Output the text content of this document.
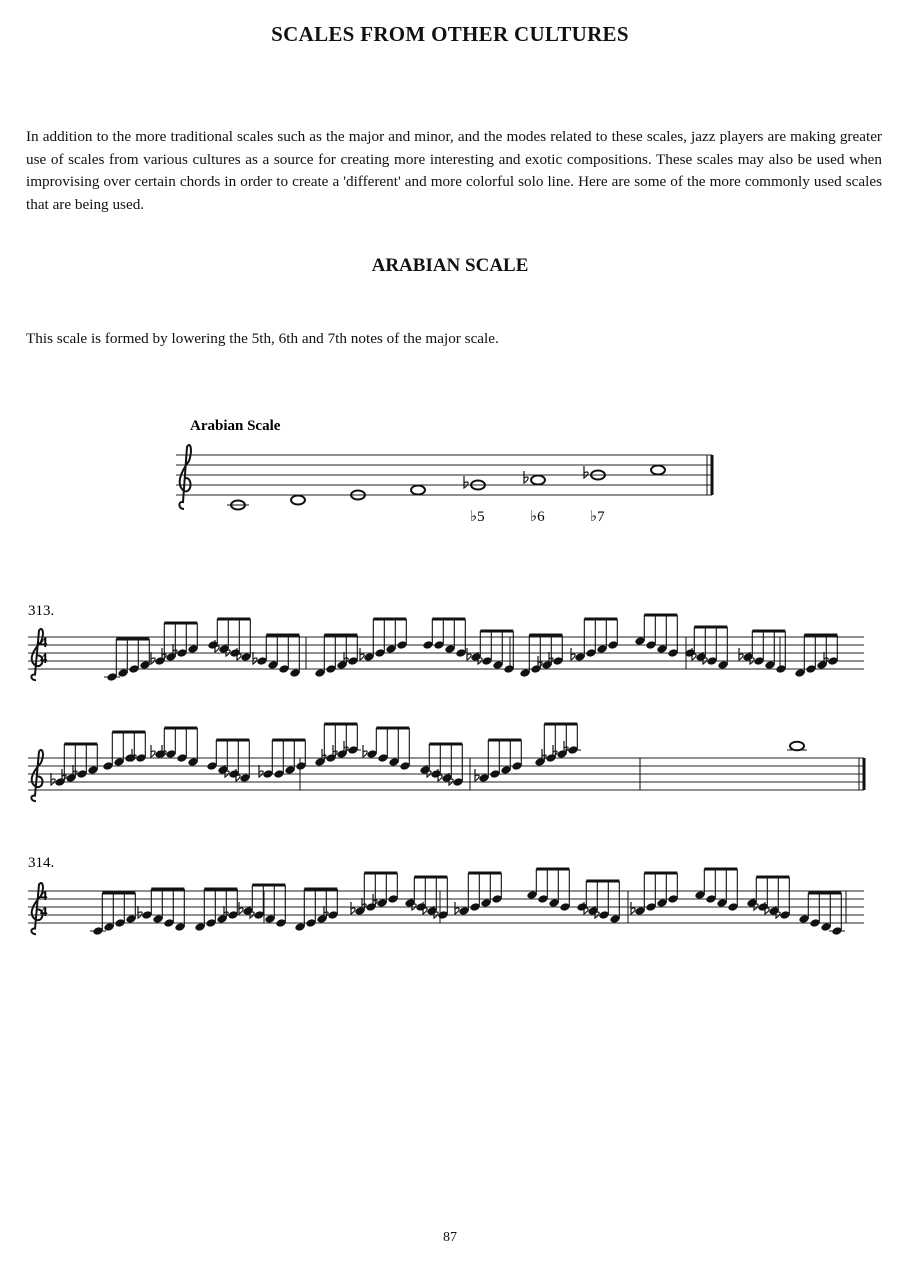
SCALES FROM OTHER CULTURES
In addition to the more traditional scales such as the major and minor, and the modes related to these scales, jazz players are making greater use of scales from various cultures as a source for creating more interesting and exotic compositions. These scales may also be used when improvising over certain chords in order to create a 'different' and more colorful solo line. Here are some of the more commonly used scales that are being used.
ARABIAN SCALE
This scale is formed by lowering the 5th, 6th and 7th notes of the major scale.
Arabian Scale
♭5	♭6	♭7
313.
314.
4
4
4
4
87
